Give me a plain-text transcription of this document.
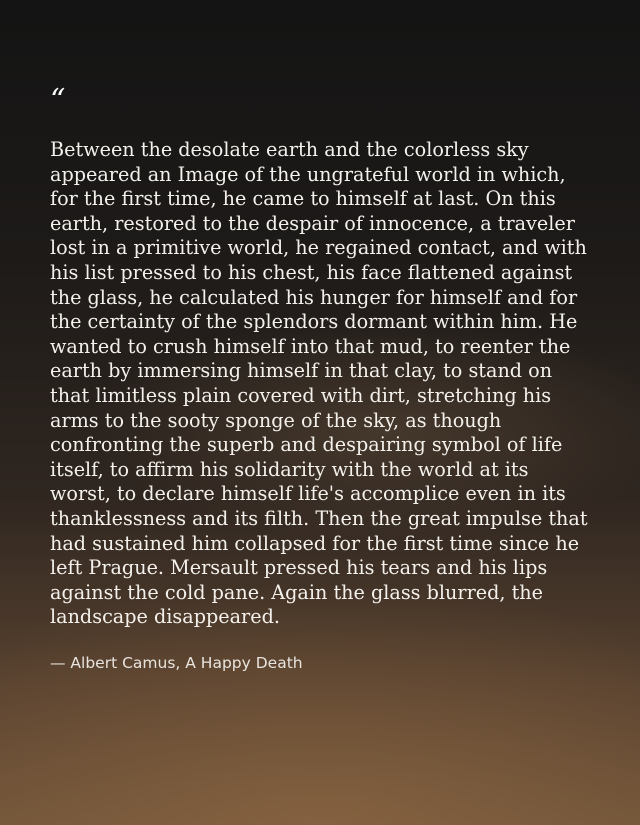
“

Between the desolate earth and the colorless sky appeared an Image of the ungrateful world in which, for the first time, he came to himself at last. On this earth, restored to the despair of innocence, a traveler lost in a primitive world, he regained contact, and with his list pressed to his chest, his face flattened against the glass, he calculated his hunger for himself and for the certainty of the splendors dormant within him. He wanted to crush himself into that mud, to reenter the earth by immersing himself in that clay, to stand on that limitless plain covered with dirt, stretching his arms to the sooty sponge of the sky, as though confronting the superb and despairing symbol of life itself, to affirm his solidarity with the world at its worst, to declare himself life's accomplice even in its thanklessness and its filth. Then the great impulse that had sustained him collapsed for the first time since he left Prague. Mersault pressed his tears and his lips against the cold pane. Again the glass blurred, the landscape disappeared.

— Albert Camus, A Happy Death
